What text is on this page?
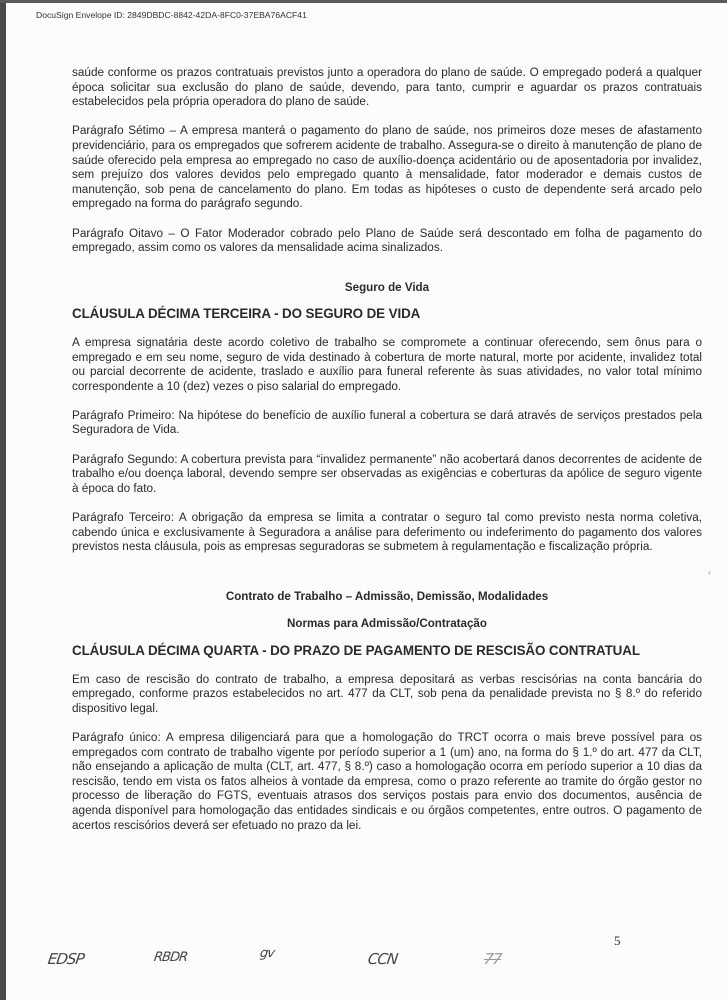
DocuSign Envelope ID: 2849DBDC-8842-42DA-8FC0-37EBA76ACF41

saúde conforme os prazos contratuais previstos junto a operadora do plano de saúde. O empregado poderá a qualquer época solicitar sua exclusão do plano de saúde, devendo, para tanto, cumprir e aguardar os prazos contratuais estabelecidos pela própria operadora do plano de saúde.

Parágrafo Sétimo – A empresa manterá o pagamento do plano de saúde, nos primeiros doze meses de afastamento previdenciário, para os empregados que sofrerem acidente de trabalho. Assegura-se o direito à manutenção de plano de saúde oferecido pela empresa ao empregado no caso de auxílio-doença acidentário ou de aposentadoria por invalidez, sem prejuízo dos valores devidos pelo empregado quanto à mensalidade, fator moderador e demais custos de manutenção, sob pena de cancelamento do plano. Em todas as hipóteses o custo de dependente será arcado pelo empregado na forma do parágrafo segundo.

Parágrafo Oitavo – O Fator Moderador cobrado pelo Plano de Saúde será descontado em folha de pagamento do empregado, assim como os valores da mensalidade acima sinalizados.

Seguro de Vida
CLÁUSULA DÉCIMA TERCEIRA - DO SEGURO DE VIDA

A empresa signatária deste acordo coletivo de trabalho se compromete a continuar oferecendo, sem ônus para o empregado e em seu nome, seguro de vida destinado à cobertura de morte natural, morte por acidente, invalidez total ou parcial decorrente de acidente, traslado e auxílio para funeral referente às suas atividades, no valor total mínimo correspondente a 10 (dez) vezes o piso salarial do empregado.

Parágrafo Primeiro: Na hipótese do benefício de auxílio funeral a cobertura se dará através de serviços prestados pela Seguradora de Vida.

Parágrafo Segundo: A cobertura prevista para “invalidez permanente” não acobertará danos decorrentes de acidente de trabalho e/ou doença laboral, devendo sempre ser observadas as exigências e coberturas da apólice de seguro vigente à época do fato.

Parágrafo Terceiro: A obrigação da empresa se limita a contratar o seguro tal como previsto nesta norma coletiva, cabendo única e exclusivamente à Seguradora a análise para deferimento ou indeferimento do pagamento dos valores previstos nesta cláusula, pois as empresas seguradoras se submetem à regulamentação e fiscalização própria.

Contrato de Trabalho – Admissão, Demissão, Modalidades
Normas para Admissão/Contratação
CLÁUSULA DÉCIMA QUARTA - DO PRAZO DE PAGAMENTO DE RESCISÃO CONTRATUAL

Em caso de rescisão do contrato de trabalho, a empresa depositará as verbas rescisórias na conta bancária do empregado, conforme prazos estabelecidos no art. 477 da CLT, sob pena da penalidade prevista no § 8.º do referido dispositivo legal.

Parágrafo único: A empresa diligenciará para que a homologação do TRCT ocorra o mais breve possível para os empregados com contrato de trabalho vigente por período superior a 1 (um) ano, na forma do § 1.º do art. 477 da CLT, não ensejando a aplicação de multa (CLT, art. 477, § 8.º) caso a homologação ocorra em período superior a 10 dias da rescisão, tendo em vista os fatos alheios à vontade da empresa, como o prazo referente ao tramite do órgão gestor no processo de liberação do FGTS, eventuais atrasos dos serviços postais para envio dos documentos, ausência de agenda disponível para homologação das entidades sindicais e ou órgãos competentes, entre outros. O pagamento de acertos rescisórios deverá ser efetuado no prazo da lei.

‹
5
EDSP	RBDR	gv	CCN	77
